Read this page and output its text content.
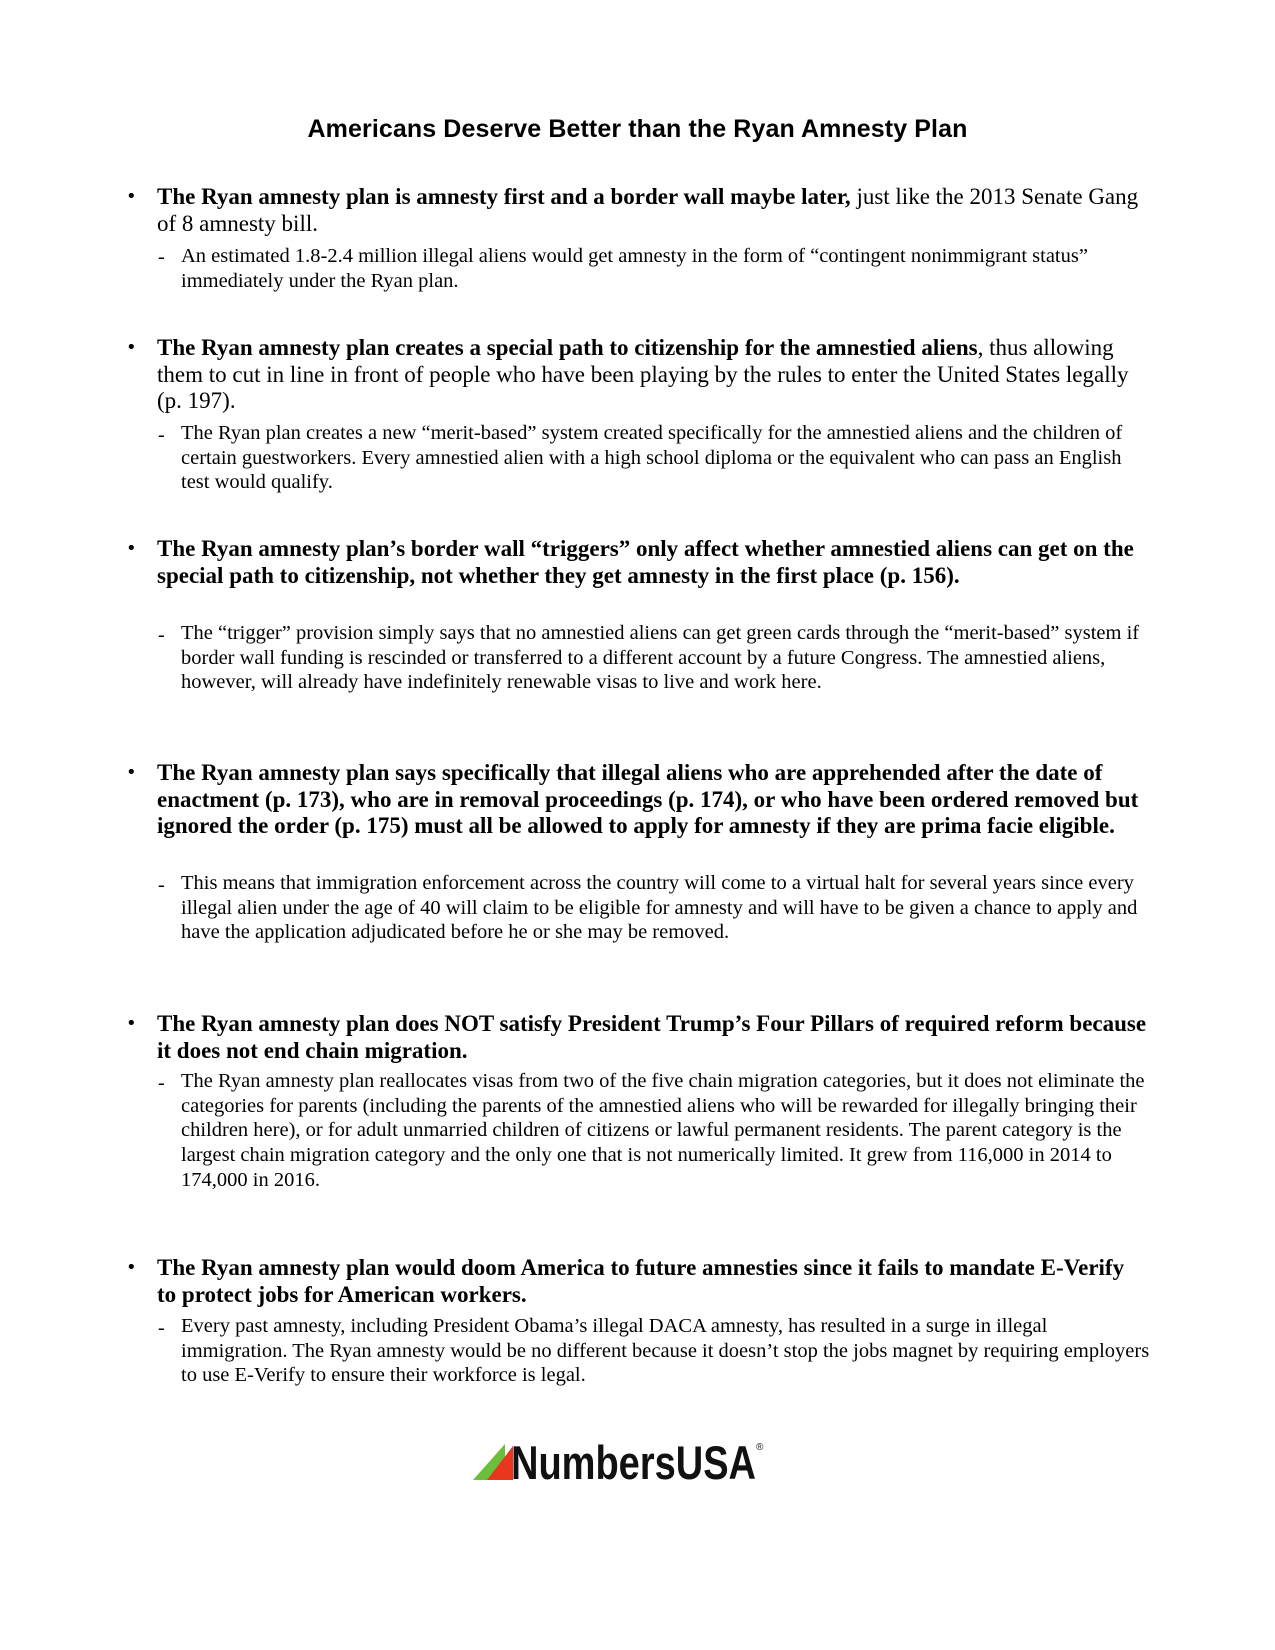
Americans Deserve Better than the Ryan Amnesty Plan
• The Ryan amnesty plan is amnesty first and a border wall maybe later, just like the 2013 Senate Gang of 8 amnesty bill.
- An estimated 1.8-2.4 million illegal aliens would get amnesty in the form of “contingent nonimmigrant status” immediately under the Ryan plan.
• The Ryan amnesty plan creates a special path to citizenship for the amnestied aliens, thus allowing them to cut in line in front of people who have been playing by the rules to enter the United States legally (p. 197).
- The Ryan plan creates a new “merit-based” system created specifically for the amnestied aliens and the children of certain guestworkers. Every amnestied alien with a high school diploma or the equivalent who can pass an English test would qualify.
• The Ryan amnesty plan’s border wall “triggers” only affect whether amnestied aliens can get on the special path to citizenship, not whether they get amnesty in the first place (p. 156).
- The “trigger” provision simply says that no amnestied aliens can get green cards through the “merit-based” system if border wall funding is rescinded or transferred to a different account by a future Congress. The amnestied aliens, however, will already have indefinitely renewable visas to live and work here.
• The Ryan amnesty plan says specifically that illegal aliens who are apprehended after the date of enactment (p. 173), who are in removal proceedings (p. 174), or who have been ordered removed but ignored the order (p. 175) must all be allowed to apply for amnesty if they are prima facie eligible.
- This means that immigration enforcement across the country will come to a virtual halt for several years since every illegal alien under the age of 40 will claim to be eligible for amnesty and will have to be given a chance to apply and have the application adjudicated before he or she may be removed.
• The Ryan amnesty plan does NOT satisfy President Trump’s Four Pillars of required reform because it does not end chain migration.
- The Ryan amnesty plan reallocates visas from two of the five chain migration categories, but it does not eliminate the categories for parents (including the parents of the amnestied aliens who will be rewarded for illegally bringing their children here), or for adult unmarried children of citizens or lawful permanent residents. The parent category is the largest chain migration category and the only one that is not numerically limited. It grew from 116,000 in 2014 to 174,000 in 2016.
• The Ryan amnesty plan would doom America to future amnesties since it fails to mandate E-Verify to protect jobs for American workers.
- Every past amnesty, including President Obama’s illegal DACA amnesty, has resulted in a surge in illegal immigration. The Ryan amnesty would be no different because it doesn’t stop the jobs magnet by requiring employers to use E-Verify to ensure their workforce is legal.
NumbersUSA ®
